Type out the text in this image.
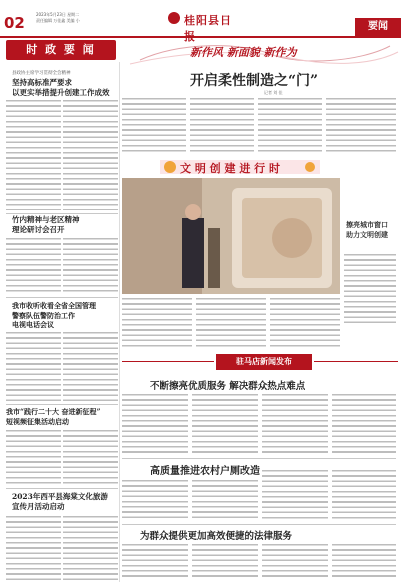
02	2023年5月23日 星期二
责任编辑 万佳鑫 美编 小	桂阳县日报
要闻
时 政 要 闻	新作风 新面貌 新作为
开启柔性制造之“门”
记者 刘 佳
县政协主席学习贯彻全会精神
坚持高标准严要求
以更实举措提升创建工作成效
竹内精神与老区精神
理论研讨会召开
我市收听收看全省全国管理
警察队伍警防治工作
电视电话会议
我市“践行二十大 奋进新征程”
短视频征集活动启动
2023年西平县海棠文化旅游
宣传月活动启动
文 明 创 建 进 行 时
擦亮城市窗口
助力文明创建
驻马店新闻发布
不断擦亮优质服务 解决群众热点难点
高质量推进农村户厕改造
为群众提供更加高效便捷的法律服务
